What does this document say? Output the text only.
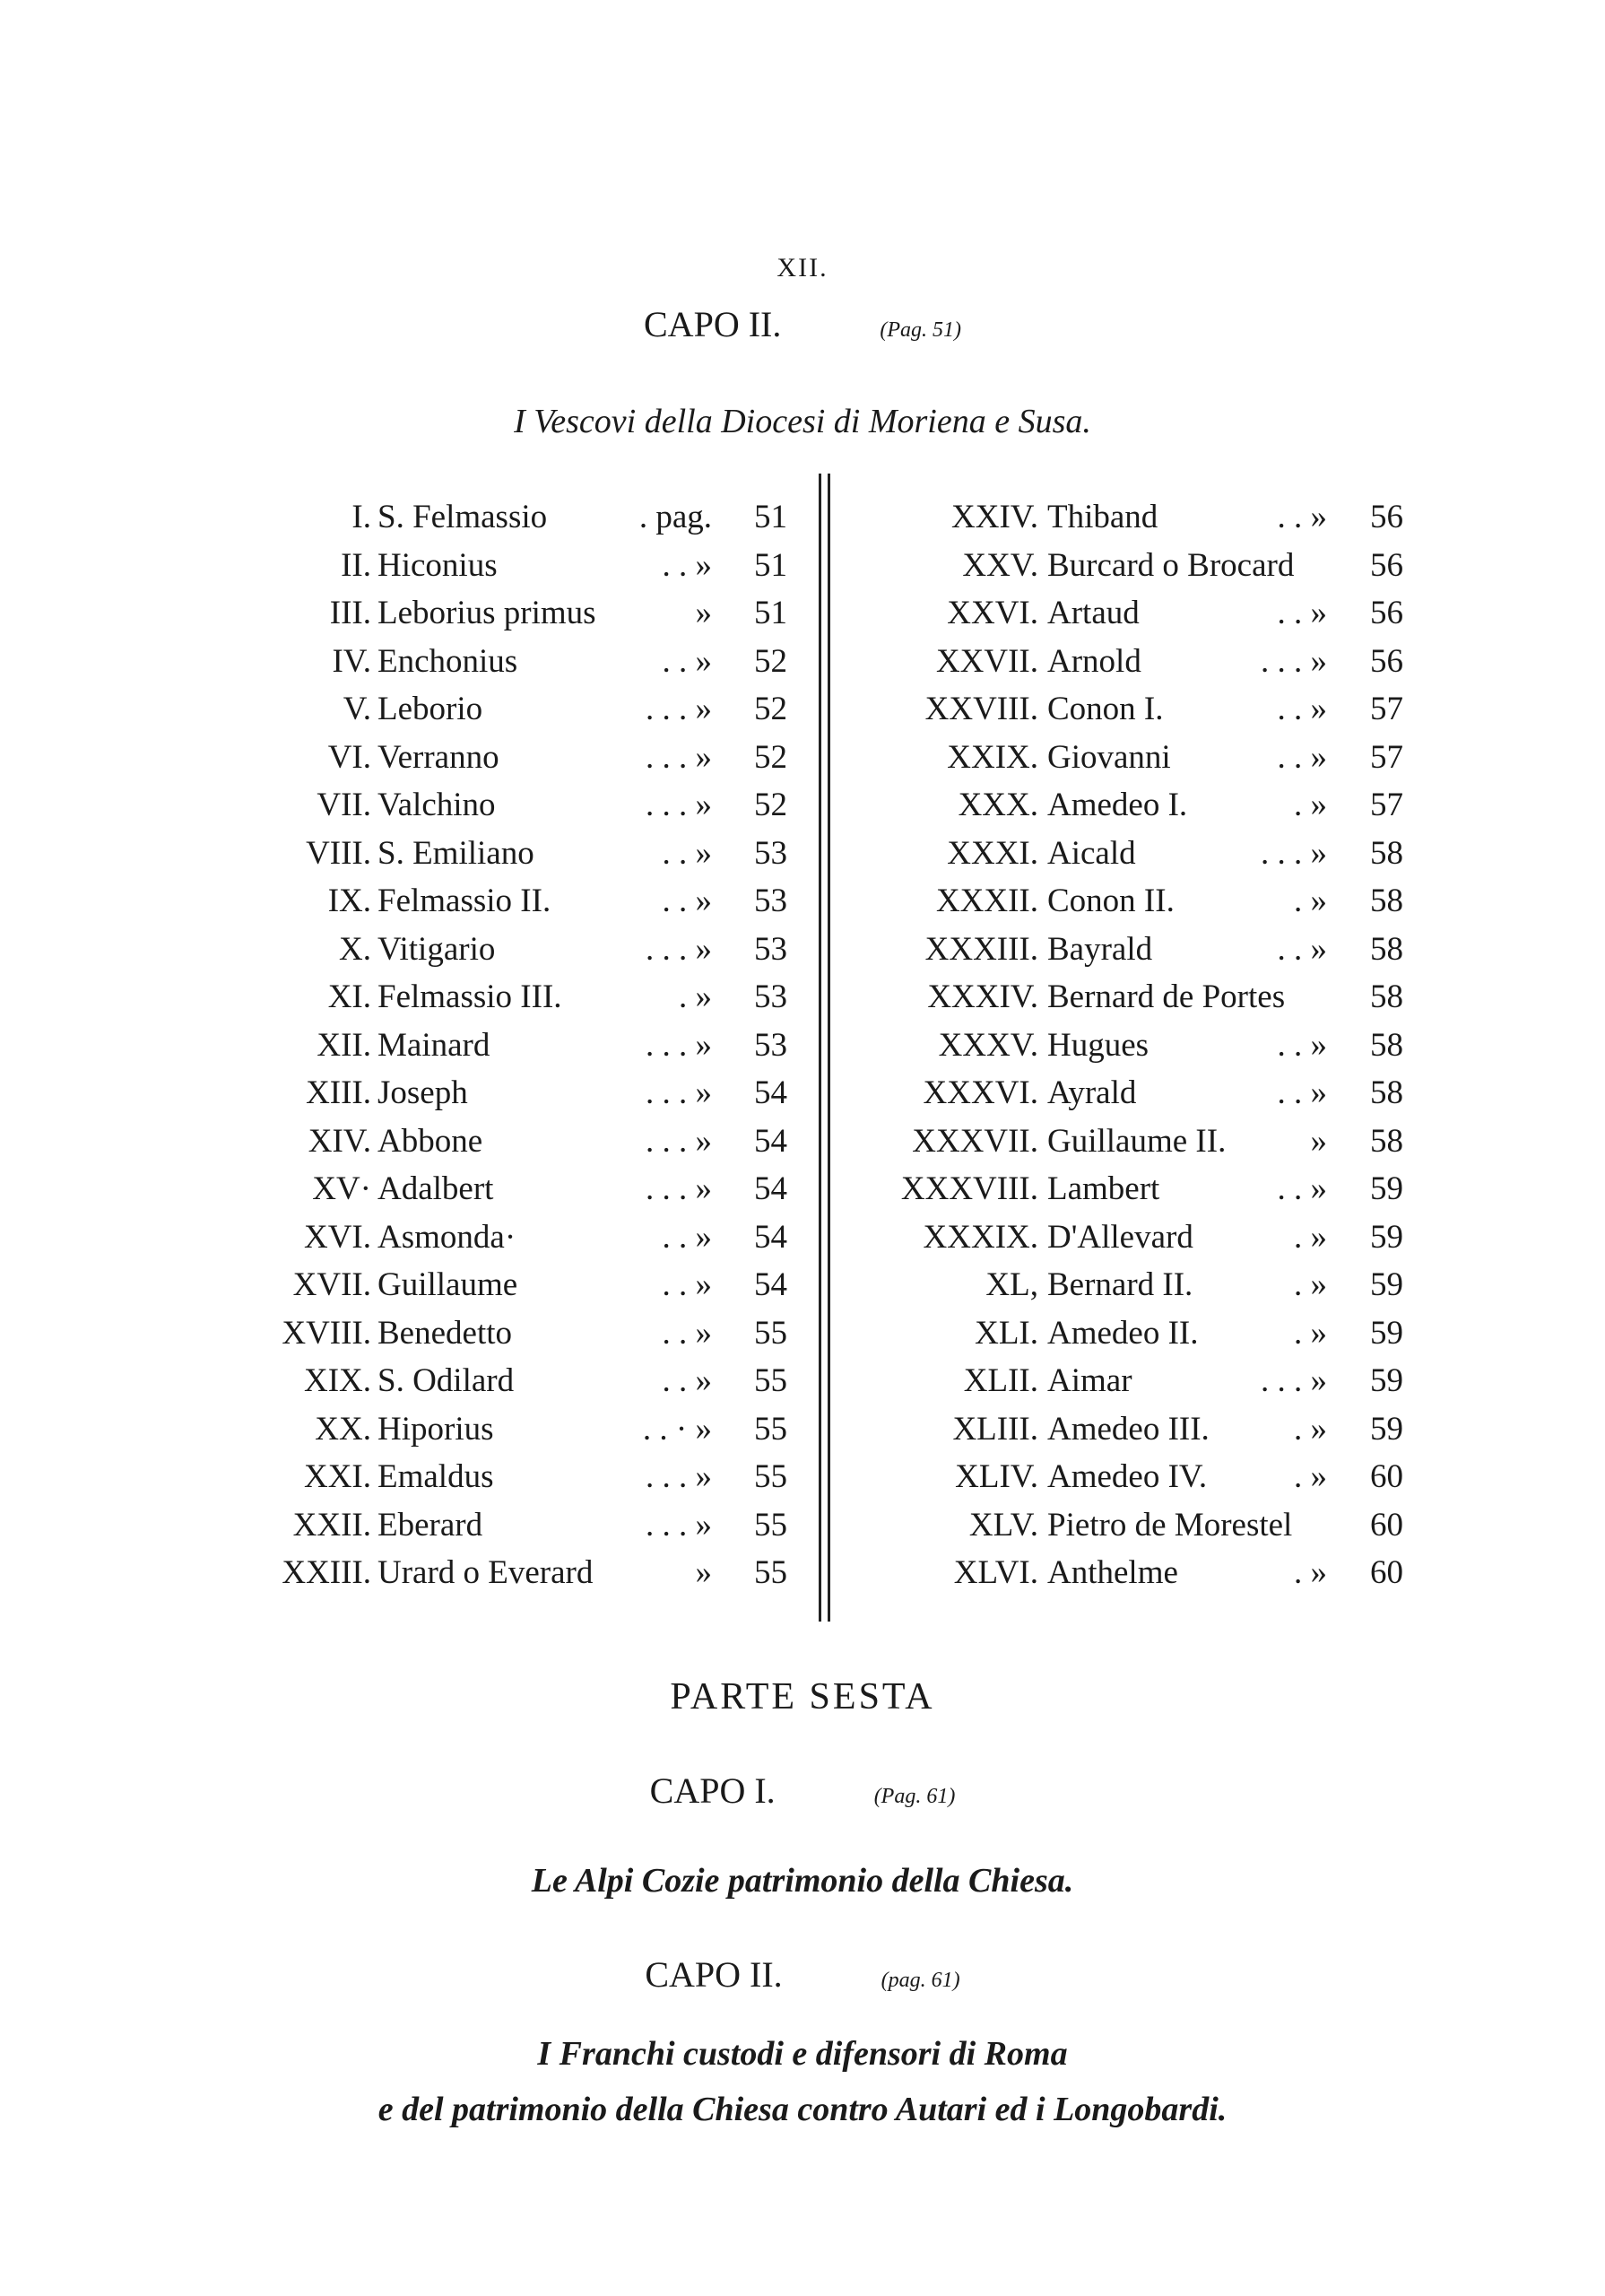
XII.
CAPO II.	(Pag. 51)
I Vescovi della Diocesi di Moriena e Susa.
I. S. Felmassio	. pag. 51
II. Hiconius	. . » 51
III. Leborius primus	» 51
IV. Enchonius	. . » 52
V. Leborio	. . . » 52
VI. Verranno	. . . » 52
VII. Valchino	. . . » 52
VIII. S. Emiliano	. . » 53
IX. Felmassio II.	. . » 53
X. Vitigario	. . . » 53
XI. Felmassio III.	. » 53
XII. Mainard	. . . » 53
XIII. Joseph	. . . » 54
XIV. Abbone	. . . » 54
XV· Adalbert	. . . » 54
XVI. Asmonda·	. . » 54
XVII. Guillaume	. . » 54
XVIII. Benedetto	. . » 55
XIX. S. Odilard	. . » 55
XX. Hiporius	. . · » 55
XXI. Emaldus	. . . » 55
XXII. Eberard	. . . » 55
XXIII. Urard o Everard	» 55
XXIV. Thiband	. . » 56
XXV. Burcard o Brocard 56
XXVI. Artaud	. . » 56
XXVII. Arnold	. . . » 56
XXVIII. Conon I.	. . » 57
XXIX. Giovanni	. . » 57
XXX. Amedeo I.	. » 57
XXXI. Aicald	. . . » 58
XXXII. Conon II.	. » 58
XXXIII. Bayrald	. . » 58
XXXIV. Bernard de Portes	58
XXXV. Hugues	. . » 58
XXXVI. Ayrald	. . » 58
XXXVII. Guillaume II.	» 58
XXXVIII. Lambert	. . » 59
XXXIX. D'Allevard	. » 59
XL, Bernard II.	. » 59
XLI. Amedeo II.	. » 59
XLII. Aimar	. . . » 59
XLIII. Amedeo III.	. » 59
XLIV. Amedeo IV.	. » 60
XLV. Pietro de Morestel 60
XLVI. Anthelme	. » 60
PARTE SESTA
CAPO I.	(Pag. 61)
Le Alpi Cozie patrimonio della Chiesa.
CAPO II.	(pag. 61)
I Franchi custodi e difensori di Roma
e del patrimonio della Chiesa contro Autari ed i Longobardi.
